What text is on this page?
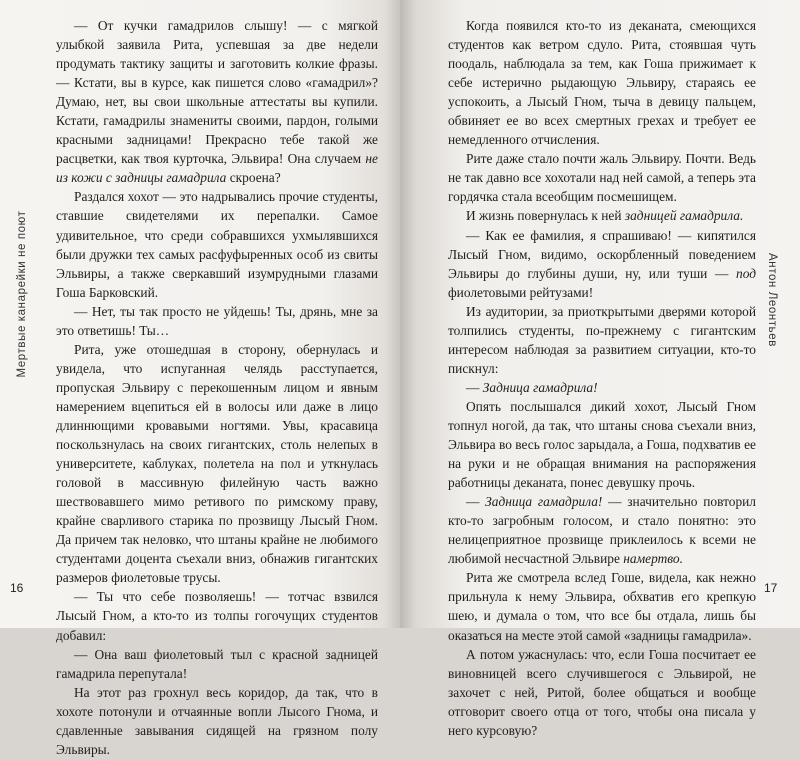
— От кучки гамадрилов слышу! — с мягкой улыбкой заявила Рита, успевшая за две недели продумать тактику защиты и заготовить колкие фразы. — Кстати, вы в курсе, как пишется слово «гамадрил»? Думаю, нет, вы свои школьные аттестаты вы купили. Кстати, гамадрилы знамениты своими, пардон, голыми красными задницами! Прекрасно тебе такой же расцветки, как твоя курточка, Эльвира! Она случаем не из кожи с задницы гамадрила скроена?

Раздался хохот — это надрывались прочие студенты, ставшие свидетелями их перепалки. Самое удивительное, что среди собравшихся ухмылявшихся были дружки тех самых расфуфыренных особ из свиты Эльвиры, а также сверкавший изумрудными глазами Гоша Барковский.

— Нет, ты так просто не уйдешь! Ты, дрянь, мне за это ответишь! Ты…

Рита, уже отошедшая в сторону, обернулась и увидела, что испуганная челядь расступается, пропуская Эльвиру с перекошенным лицом и явным намерением вцепиться ей в волосы или даже в лицо длиннющими кровавыми ногтями. Увы, красавица поскользнулась на своих гигантских, столь нелепых в университете, каблуках, полетела на пол и уткнулась головой в массивную филейную часть важно шествовавшего мимо ретивого по римскому праву, крайне сварливого старика по прозвищу Лысый Гном. Да причем так неловко, что штаны крайне не любимого студентами доцента съехали вниз, обнажив гигантских размеров фиолетовые трусы.

— Ты что себе позволяешь! — тотчас взвился Лысый Гном, а кто-то из толпы гогочущих студентов добавил:

— Она ваш фиолетовый тыл с красной задницей гамадрила перепутала!

На этот раз грохнул весь коридор, да так, что в хохоте потонули и отчаянные вопли Лысого Гнома, и сдавленные завывания сидящей на грязном полу Эльвиры.

Мертвые канарейки не поют
16

Когда появился кто-то из деканата, смеющихся студентов как ветром сдуло. Рита, стоявшая чуть поодаль, наблюдала за тем, как Гоша прижимает к себе истерично рыдающую Эльвиру, стараясь ее успокоить, а Лысый Гном, тыча в девицу пальцем, обвиняет ее во всех смертных грехах и требует ее немедленного отчисления.

Рите даже стало почти жаль Эльвиру. Почти. Ведь не так давно все хохотали над ней самой, а теперь эта гордячка стала всеобщим посмешищем.

И жизнь повернулась к ней задницей гамадрила.

— Как ее фамилия, я спрашиваю! — кипятился Лысый Гном, видимо, оскорбленный поведением Эльвиры до глубины души, ну, или туши — под фиолетовыми рейтузами!

Из аудитории, за приоткрытыми дверями которой толпились студенты, по-прежнему с гигантским интересом наблюдая за развитием ситуации, кто-то пискнул:

— Задница гамадрила!

Опять послышался дикий хохот, Лысый Гном топнул ногой, да так, что штаны снова съехали вниз, Эльвира во весь голос зарыдала, а Гоша, подхватив ее на руки и не обращая внимания на распоряжения работницы деканата, понес девушку прочь.

— Задница гамадрила! — значительно повторил кто-то загробным голосом, и стало понятно: это нелицеприятное прозвище приклеилось к всеми не любимой несчастной Эльвире намертво.

Рита же смотрела вслед Гоше, видела, как нежно прильнула к нему Эльвира, обхватив его крепкую шею, и думала о том, что все бы отдала, лишь бы оказаться на месте этой самой «задницы гамадрила».

А потом ужаснулась: что, если Гоша посчитает ее виновницей всего случившегося с Эльвирой, не захочет с ней, Ритой, более общаться и вообще отговорит своего отца от того, чтобы она писала у него курсовую?

Антон Леонтьев
17
